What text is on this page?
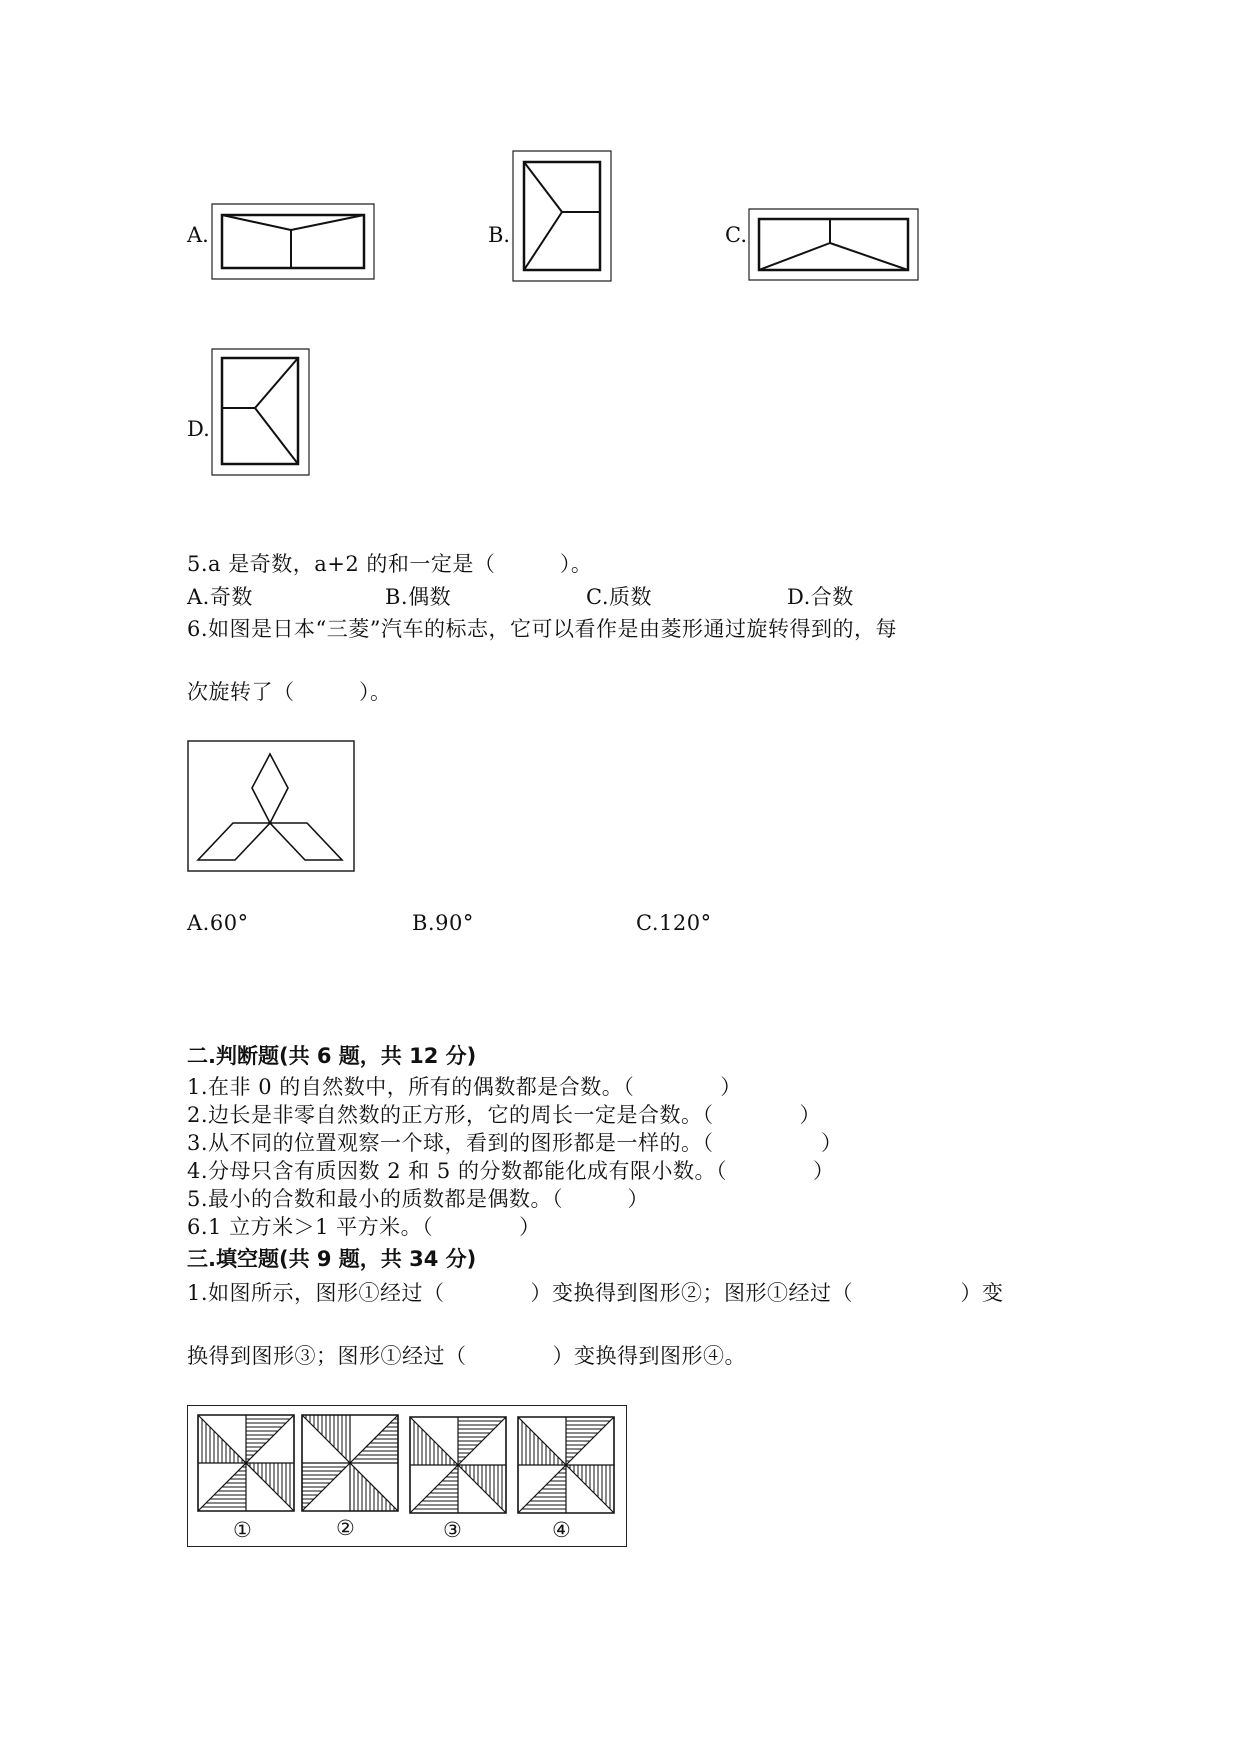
A.	B.	C.
D.
5.a 是奇数，a+2 的和一定是（　　　）。
A.奇数	B.偶数	C.质数	D.合数
6.如图是日本“三菱”汽车的标志，它可以看作是由菱形通过旋转得到的，每
次旋转了（　　　）。
A.60°	B.90°	C.120°
二.判断题(共 6 题，共 12 分)
1.在非 0 的自然数中，所有的偶数都是合数。（　　　　）
2.边长是非零自然数的正方形，它的周长一定是合数。（　　　　）
3.从不同的位置观察一个球，看到的图形都是一样的。（　　　　　）
4.分母只含有质因数 2 和 5 的分数都能化成有限小数。（　　　　）
5.最小的合数和最小的质数都是偶数。（　　　）
6.1 立方米＞1 平方米。（　　　　）
三.填空题(共 9 题，共 34 分)
1.如图所示，图形①经过（　　　　）变换得到图形②；图形①经过（　　　　　）变
换得到图形③；图形①经过（　　　　）变换得到图形④。
①	②	③	④
